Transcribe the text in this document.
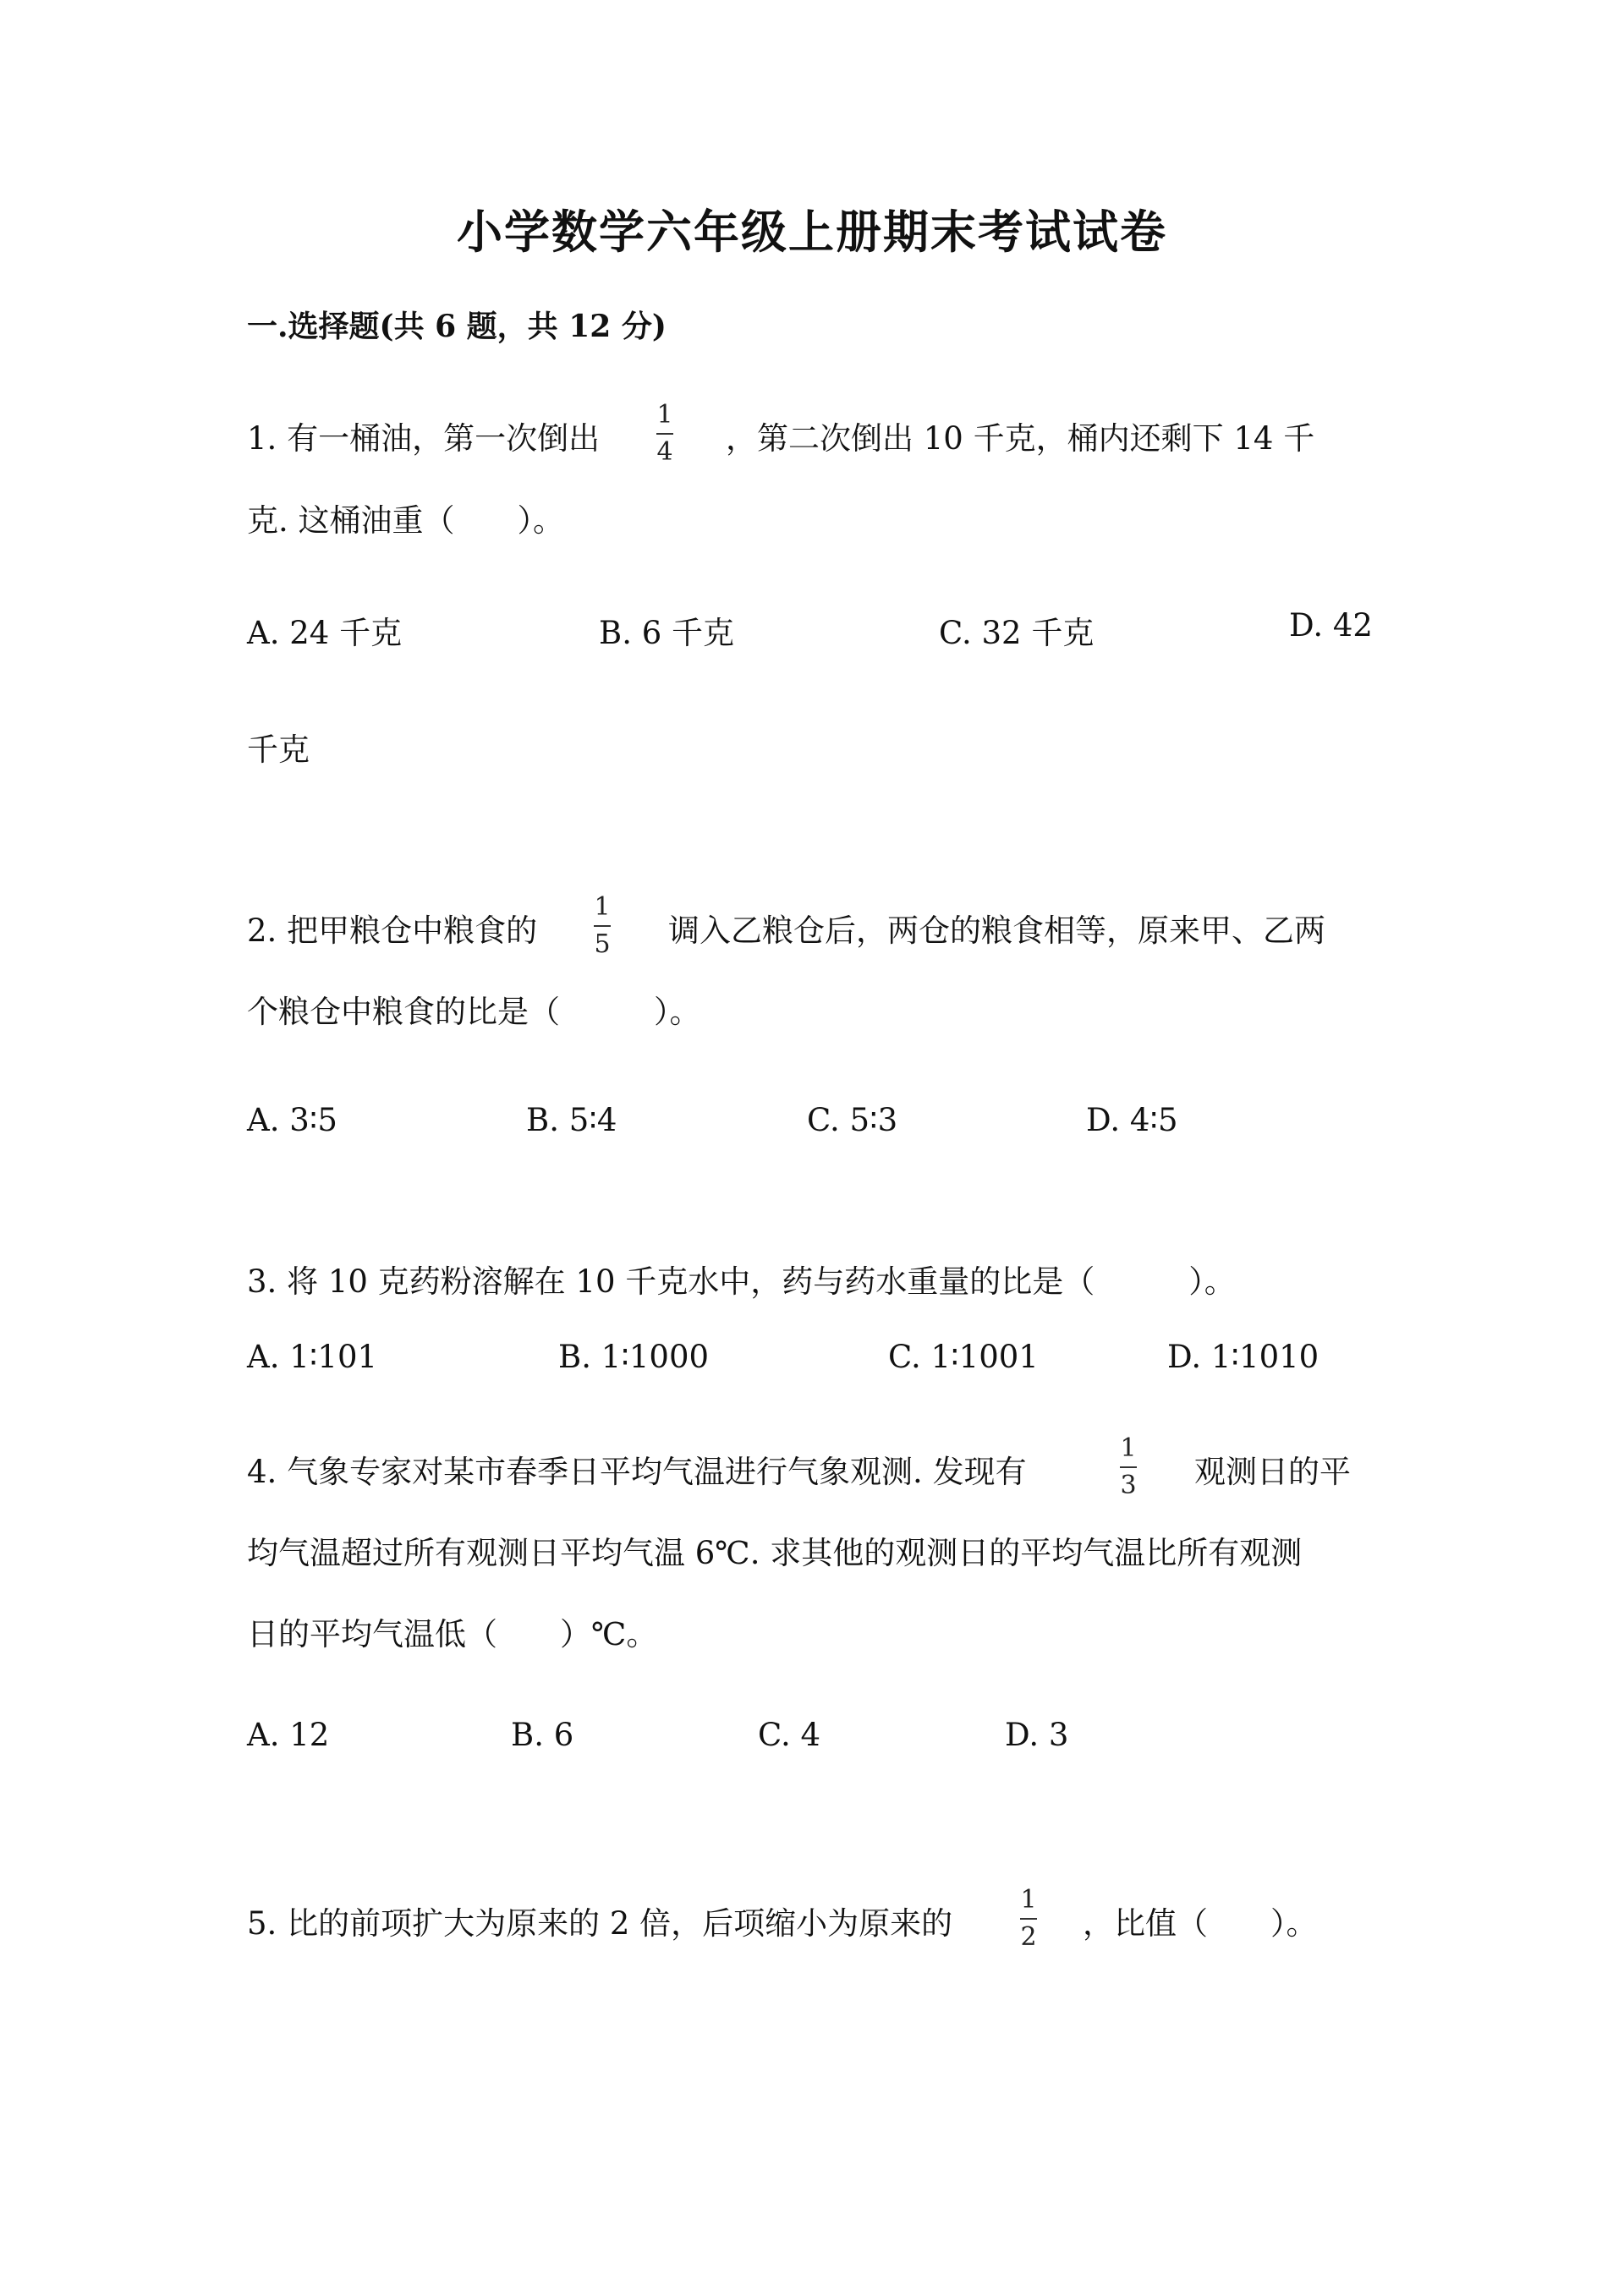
小学数学六年级上册期末考试试卷
一.选择题(共 6 题，共 12 分)
1. 有一桶油，第一次倒出
1
4 ，第二次倒出 10 千克，桶内还剩下 14 千
克. 这桶油重（　　）。
A. 24 千克	B. 6 千克	C. 32 千克	D. 42
千克
2. 把甲粮仓中粮食的
1
5 调入乙粮仓后，两仓的粮食相等，原来甲、乙两
个粮仓中粮食的比是（　　　）。
A. 3∶5	B. 5∶4	C. 5∶3	D. 4∶5
3. 将 10 克药粉溶解在 10 千克水中，药与药水重量的比是（　　　）。
A. 1∶101	B. 1∶1000	C. 1∶1001	D. 1∶1010
4. 气象专家对某市春季日平均气温进行气象观测. 发现有
1
3 观测日的平
均气温超过所有观测日平均气温 6℃. 求其他的观测日的平均气温比所有观测
日的平均气温低（　　）℃。
A. 12	B. 6	C. 4	D. 3
5. 比的前项扩大为原来的 2 倍，后项缩小为原来的
1
2 ，比值（　　）。
